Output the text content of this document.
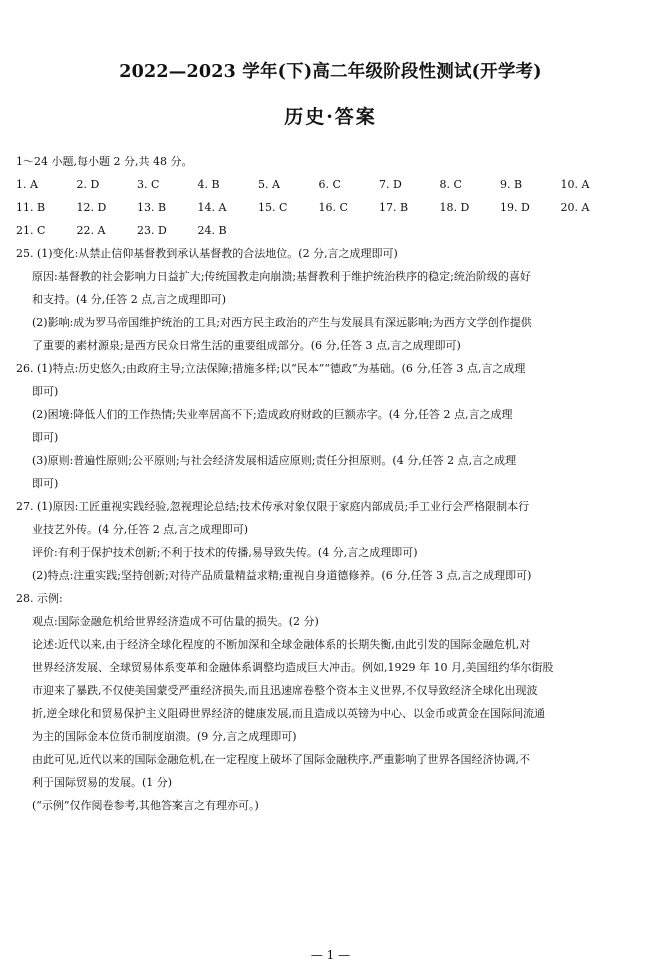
2022—2023 学年(下)高二年级阶段性测试(开学考)
历史·答案

1～24 小题,每小题 2 分,共 48 分。

1. A	2. D	3. C	4. B	5. A	6. C	7. D	8. C	9. B	10. A
11. B	12. D	13. B	14. A	15. C	16. C	17. B	18. D	19. D	20. A
21. C	22. A	23. D	24. B

25. (1)变化:从禁止信仰基督教到承认基督教的合法地位。(2 分,言之成理即可)

原因:基督教的社会影响力日益扩大;传统国教走向崩溃;基督教利于维护统治秩序的稳定;统治阶级的喜好

和支持。(4 分,任答 2 点,言之成理即可)

(2)影响:成为罗马帝国维护统治的工具;对西方民主政治的产生与发展具有深远影响;为西方文学创作提供

了重要的素材源泉;是西方民众日常生活的重要组成部分。(6 分,任答 3 点,言之成理即可)

26. (1)特点:历史悠久;由政府主导;立法保障;措施多样;以“民本”“德政”为基础。(6 分,任答 3 点,言之成理

即可)

(2)困境:降低人们的工作热情;失业率居高不下;造成政府财政的巨额赤字。(4 分,任答 2 点,言之成理

即可)

(3)原则:普遍性原则;公平原则;与社会经济发展相适应原则;责任分担原则。(4 分,任答 2 点,言之成理

即可)

27. (1)原因:工匠重视实践经验,忽视理论总结;技术传承对象仅限于家庭内部成员;手工业行会严格限制本行

业技艺外传。(4 分,任答 2 点,言之成理即可)

评价:有利于保护技术创新;不利于技术的传播,易导致失传。(4 分,言之成理即可)

(2)特点:注重实践;坚持创新;对待产品质量精益求精;重视自身道德修养。(6 分,任答 3 点,言之成理即可)

28. 示例:

观点:国际金融危机给世界经济造成不可估量的损失。(2 分)

论述:近代以来,由于经济全球化程度的不断加深和全球金融体系的长期失衡,由此引发的国际金融危机,对

世界经济发展、全球贸易体系变革和金融体系调整均造成巨大冲击。例如,1929 年 10 月,美国纽约华尔街股

市迎来了暴跌,不仅使美国蒙受严重经济损失,而且迅速席卷整个资本主义世界,不仅导致经济全球化出现波

折,逆全球化和贸易保护主义阻碍世界经济的健康发展,而且造成以英镑为中心、以金币或黄金在国际间流通

为主的国际金本位货币制度崩溃。(9 分,言之成理即可)

由此可见,近代以来的国际金融危机,在一定程度上破坏了国际金融秩序,严重影响了世界各国经济协调,不

利于国际贸易的发展。(1 分)

(“示例”仅作阅卷参考,其他答案言之有理亦可。)

— 1 —
